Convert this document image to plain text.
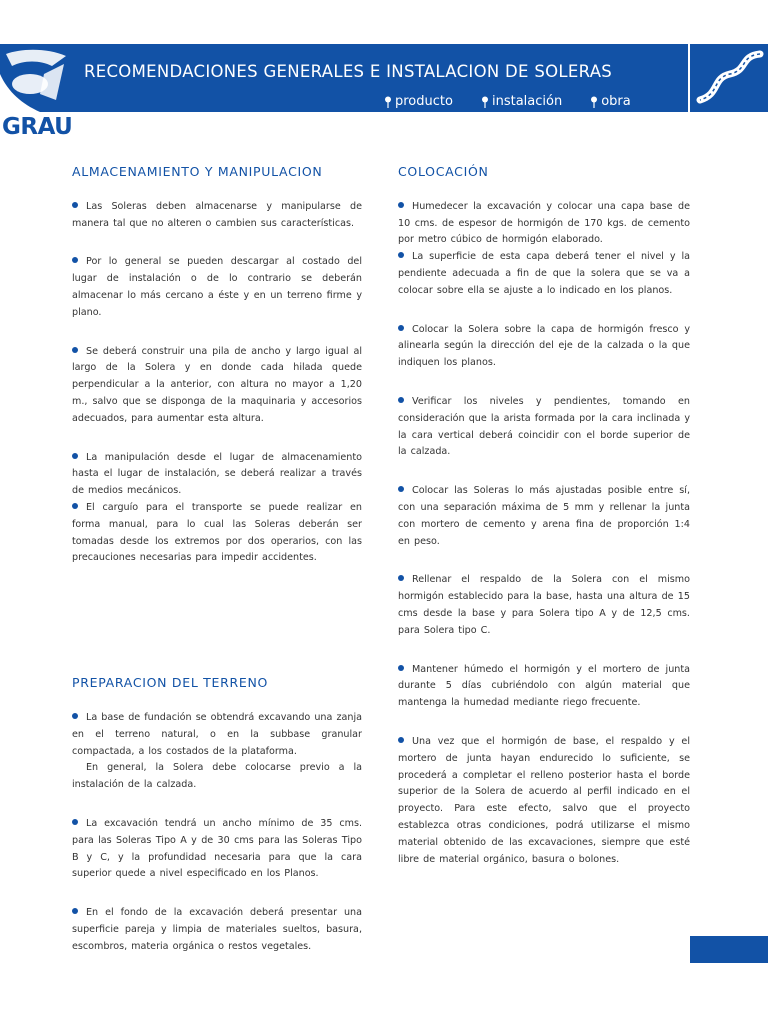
GRAU
RECOMENDACIONES GENERALES E INSTALACION DE SOLERAS
producto	instalación	obra
ALMACENAMIENTO Y MANIPULACION
Las Soleras deben almacenarse y manipularse de manera tal que no alteren o cambien sus características.
Por lo general se pueden descargar al costado del lugar de instalación o de lo contrario se deberán almacenar lo más cercano a éste y en un terreno firme y plano.
Se deberá construir una pila de ancho y largo igual al largo de la Solera y en donde cada hilada quede perpendicular a la anterior, con altura no mayor a 1,20 m., salvo que se disponga de la maquinaria y accesorios adecuados, para aumentar esta altura.
La manipulación desde el lugar de almacenamiento hasta el lugar de instalación, se deberá realizar a través de medios mecánicos.
El carguío para el transporte se puede realizar en forma manual, para lo cual las Soleras deberán ser tomadas desde los extremos por dos operarios, con las precauciones necesarias para impedir accidentes.
PREPARACION DEL TERRENO
La base de fundación se obtendrá excavando una zanja en el terreno natural, o en la subbase granular compactada, a los costados de la plataforma.
En general, la Solera debe colocarse previo a la instalación de la calzada.
La excavación tendrá un ancho mínimo de 35 cms. para las Soleras Tipo A y de 30 cms para las Soleras Tipo B y C, y la profundidad necesaria para que la cara superior quede a nivel especificado en los Planos.
En el fondo de la excavación deberá presentar una superficie pareja y limpia de materiales sueltos, basura, escombros, materia orgánica o restos vegetales.
COLOCACIÓN
Humedecer la excavación y colocar una capa base de 10 cms. de espesor de hormigón de 170 kgs. de cemento por metro cúbico de hormigón elaborado.
La superficie de esta capa deberá tener el nivel y la pendiente adecuada a fin de que la solera que se va a colocar sobre ella se ajuste a lo indicado en los planos.
Colocar la Solera sobre la capa de hormigón fresco y alinearla según la dirección del eje de la calzada o la que indiquen los planos.
Verificar los niveles y pendientes, tomando en consideración que la arista formada por la cara inclinada y la cara vertical deberá coincidir con el borde superior de la calzada.
Colocar las Soleras lo más ajustadas posible entre sí, con una separación máxima de 5 mm y rellenar la junta con mortero de cemento y arena fina de proporción 1:4 en peso.
Rellenar el respaldo de la Solera con el mismo hormigón establecido para la base, hasta una altura de 15 cms desde la base y para Solera tipo A y de 12,5 cms. para Solera tipo C.
Mantener húmedo el hormigón y el mortero de junta durante 5 días cubriéndolo con algún material que mantenga la humedad mediante riego frecuente.
Una vez que el hormigón de base, el respaldo y el mortero de junta hayan endurecido lo suficiente, se procederá a completar el relleno posterior hasta el borde superior de la Solera de acuerdo al perfil indicado en el proyecto. Para este efecto, salvo que el proyecto establezca otras condiciones, podrá utilizarse el mismo material obtenido de las excavaciones, siempre que esté libre de material orgánico, basura o bolones.
